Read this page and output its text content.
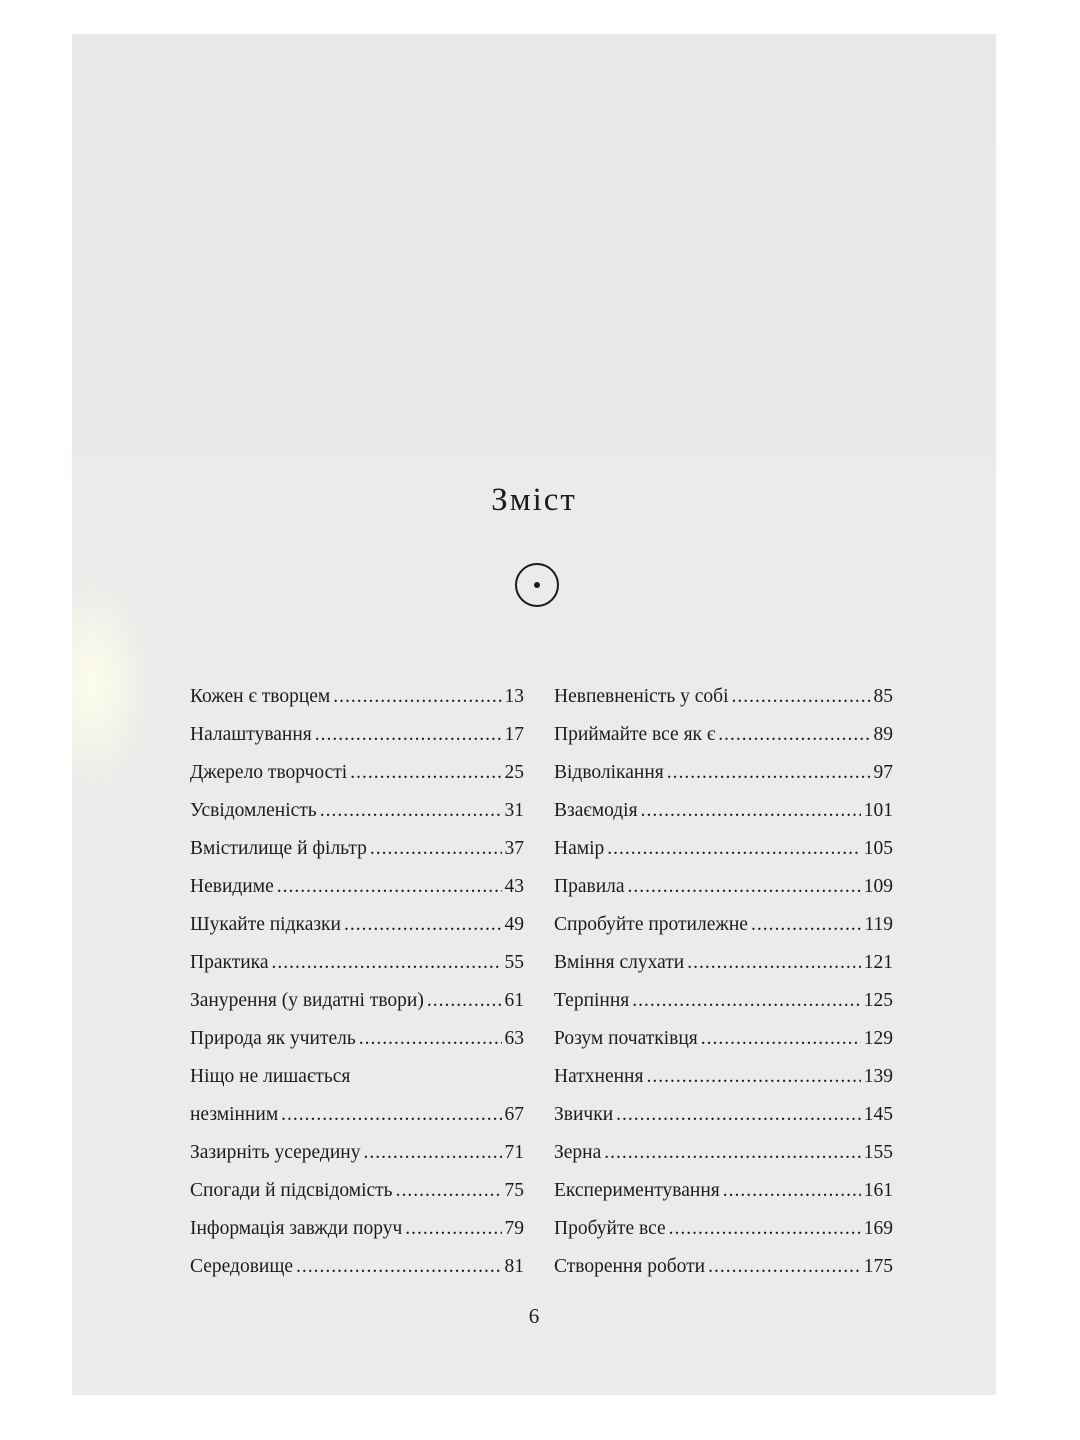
Зміст
Кожен є творцем .....	13
Налаштування .....	17
Джерело творчості .....	25
Усвідомленість .....	31
Вмістилище й фільтр .....	37
Невидиме .....	43
Шукайте підказки .....	49
Практика .....	55
Занурення (у видатні твори) .....	61
Природа як учитель .....	63
Ніщо не лишається
незмінним .....	67
Зазирніть усередину .....	71
Спогади й підсвідомість .....	75
Інформація завжди поруч .....	79
Середовище .....	81
Невпевненість у собі .....	85
Приймайте все як є .....	89
Відволікання .....	97
Взаємодія .....	101
Намір .....	105
Правила .....	109
Спробуйте протилежне .....	119
Вміння слухати .....	121
Терпіння .....	125
Розум початківця .....	129
Натхнення .....	139
Звички .....	145
Зерна .....	155
Експериментування .....	161
Пробуйте все .....	169
Створення роботи .....	175
6
